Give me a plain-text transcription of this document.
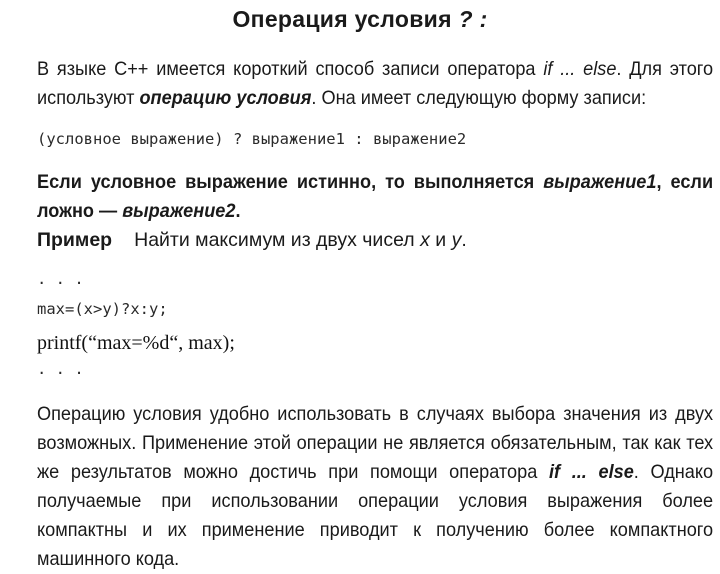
Операция условия ? :
В языке С++ имеется короткий способ записи оператора if ... else. Для этого используют операцию условия. Она имеет следующую форму записи:
(условное выражение) ? выражение1 : выражение2
Если условное выражение истинно, то выполняется выражение1, если ложно — выражение2.
Пример Найти максимум из двух чисел x и y.
. . .
max=(x>y)?x:y;
printf(“max=%d“, max);
. . .
Операцию условия удобно использовать в случаях выбора значения из двух возможных. Применение этой операции не является обязательным, так как тех же результатов можно достичь при помощи оператора if ... else. Однако получаемые при использовании операции условия выражения более компактны и их применение приводит к получению более компактного машинного кода.
